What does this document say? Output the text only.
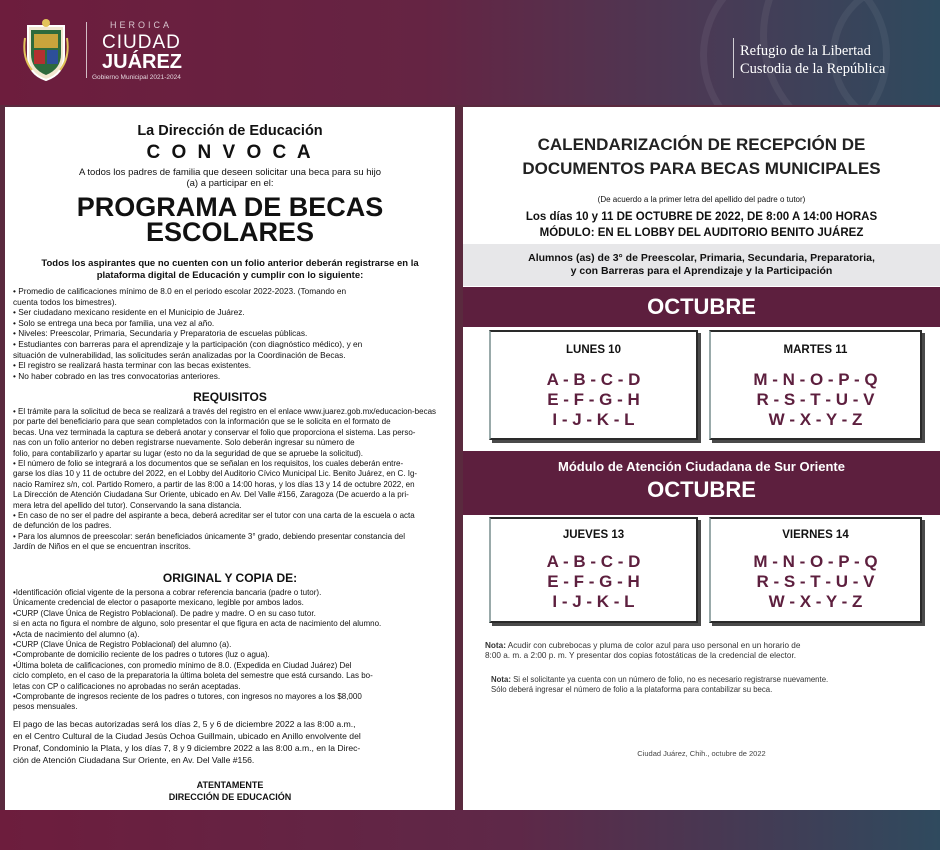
HEROICA
CIUDAD
JUÁREZ
Gobierno Municipal 2021-2024
Refugio de la Libertad
Custodia de la República
La Dirección de Educación
C O N V O C A
A todos los padres de familia que deseen solicitar una beca para su hijo
(a) a participar en el:
PROGRAMA DE BECAS
ESCOLARES
Todos los aspirantes que no cuenten con un folio anterior deberán registrarse en la
plataforma digital de Educación y cumplir con lo siguiente:
• Promedio de calificaciones mínimo de 8.0 en el periodo escolar 2022-2023. (Tomando en
cuenta todos los bimestres).
• Ser ciudadano mexicano residente en el Municipio de Juárez.
• Solo se entrega una beca por familia, una vez al año.
• Niveles: Preescolar, Primaria, Secundaria y Preparatoria de escuelas públicas.
• Estudiantes con barreras para el aprendizaje y la participación (con diagnóstico médico), y en
situación de vulnerabilidad, las solicitudes serán analizadas por la Coordinación de Becas.
• El registro se realizará hasta terminar con las becas existentes.
• No haber cobrado en las tres convocatorias anteriores.
REQUISITOS
• El trámite para la solicitud de beca se realizará a través del registro en el enlace www.juarez.gob.mx/educacion-becas
por parte del beneficiario para que sean completados con la información que se le solicita en el formato de
becas. Una vez terminada la captura se deberá anotar y conservar el folio que proporciona el sistema. Las perso-
nas con un folio anterior no deben registrarse nuevamente. Solo deberán ingresar su número de
folio, para contabilizarlo y apartar su lugar (esto no da la seguridad de que se apruebe la solicitud).
• El número de folio se integrará a los documentos que se señalan en los requisitos, los cuales deberán entre-
garse los días 10 y 11 de octubre del 2022, en el Lobby del Auditorio Cívico Municipal Lic. Benito Juárez, en C. Ig-
nacio Ramírez s/n, col. Partido Romero, a partir de las 8:00 a 14:00 horas, y los días 13 y 14 de octubre 2022, en
La Dirección de Atención Ciudadana Sur Oriente, ubicado en Av. Del Valle #156, Zaragoza (De acuerdo a la pri-
mera letra del apellido del tutor). Conservando la sana distancia.
• En caso de no ser el padre del aspirante a beca, deberá acreditar ser el tutor con una carta de la escuela o acta
de defunción de los padres.
• Para los alumnos de preescolar: serán beneficiados únicamente 3° grado, debiendo presentar constancia del
Jardín de Niños en el que se encuentran inscritos.
ORIGINAL Y COPIA DE:
•Identificación oficial vigente de la persona a cobrar referencia bancaria (padre o tutor).
Únicamente credencial de elector o pasaporte mexicano, legible por ambos lados.
•CURP (Clave Única de Registro Poblacional). De padre y madre. O en su caso tutor.
si en acta no figura el nombre de alguno, solo presentar el que figura en acta de nacimiento del alumno.
•Acta de nacimiento del alumno (a).
•CURP (Clave Única de Registro Poblacional) del alumno (a).
•Comprobante de domicilio reciente de los padres o tutores (luz o agua).
•Última boleta de calificaciones, con promedio mínimo de 8.0. (Expedida en Ciudad Juárez) Del
ciclo completo, en el caso de la preparatoria la última boleta del semestre que está cursando. Las bo-
letas con CP o calificaciones no aprobadas no serán aceptadas.
•Comprobante de ingresos reciente de los padres o tutores, con ingresos no mayores a los $8,000
pesos mensuales.
El pago de las becas autorizadas será los días 2, 5 y 6 de diciembre 2022 a las 8:00 a.m.,
en el Centro Cultural de la Ciudad Jesús Ochoa Guillmain, ubicado en Anillo envolvente del
Pronaf, Condominio la Plata, y los días 7, 8 y 9 diciembre 2022 a las 8:00 a.m., en la Direc-
ción de Atención Ciudadana Sur Oriente, en Av. Del Valle #156.
ATENTAMENTE
DIRECCIÓN DE EDUCACIÓN
CALENDARIZACIÓN DE RECEPCIÓN DE
DOCUMENTOS PARA BECAS MUNICIPALES
(De acuerdo a la primer letra del apellido del padre o tutor)
Los días 10 y 11 DE OCTUBRE DE 2022, DE 8:00 A 14:00 HORAS
MÓDULO: EN EL LOBBY DEL AUDITORIO BENITO JUÁREZ
Alumnos (as) de 3° de Preescolar, Primaria, Secundaria, Preparatoria,
y con Barreras para el Aprendizaje y la Participación
OCTUBRE
LUNES 10
A - B - C - D
E - F - G - H
I - J - K - L
MARTES 11
M - N - O - P - Q
R - S - T - U - V
W - X - Y - Z
Módulo de Atención Ciudadana de Sur Oriente
OCTUBRE
JUEVES 13
A - B - C - D
E - F - G - H
I - J - K - L
VIERNES 14
M - N - O - P - Q
R - S - T - U - V
W - X - Y - Z
Nota: Acudir con cubrebocas y pluma de color azul para uso personal en un horario de
8:00 a. m. a 2:00 p. m. Y presentar dos copias fotostáticas de la credencial de elector.
Nota: Si el solicitante ya cuenta con un número de folio, no es necesario registrarse nuevamente.
Sólo deberá ingresar el número de folio a la plataforma para contabilizar su beca.
Ciudad Juárez, Chih., octubre de 2022
